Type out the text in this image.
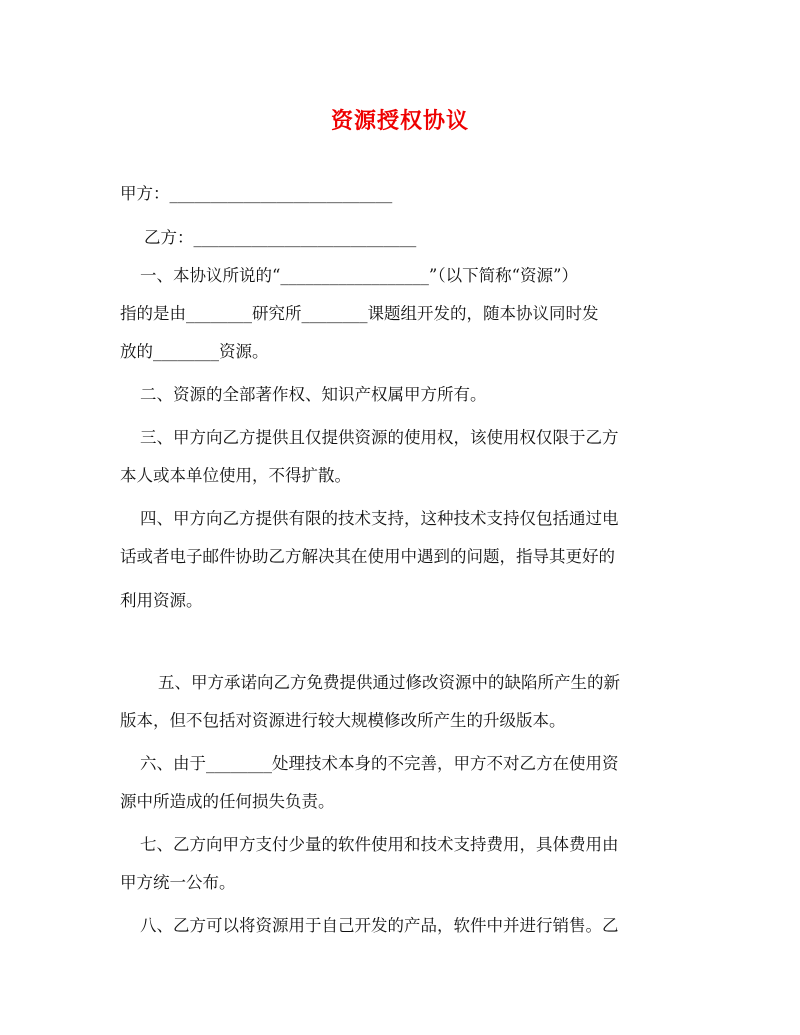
资源授权协议
甲方：___________________________
乙方：___________________________
一、本协议所说的“__________________”（以下简称“资源”）
指的是由________研究所________课题组开发的，随本协议同时发
放的________资源。
二、资源的全部著作权、知识产权属甲方所有。
三、甲方向乙方提供且仅提供资源的使用权，该使用权仅限于乙方
本人或本单位使用，不得扩散。
四、甲方向乙方提供有限的技术支持，这种技术支持仅包括通过电
话或者电子邮件协助乙方解决其在使用中遇到的问题，指导其更好的
利用资源。
五、甲方承诺向乙方免费提供通过修改资源中的缺陷所产生的新
版本，但不包括对资源进行较大规模修改所产生的升级版本。
六、由于________处理技术本身的不完善，甲方不对乙方在使用资
源中所造成的任何损失负责。
七、乙方向甲方支付少量的软件使用和技术支持费用，具体费用由
甲方统一公布。
八、乙方可以将资源用于自己开发的产品，软件中并进行销售。乙
